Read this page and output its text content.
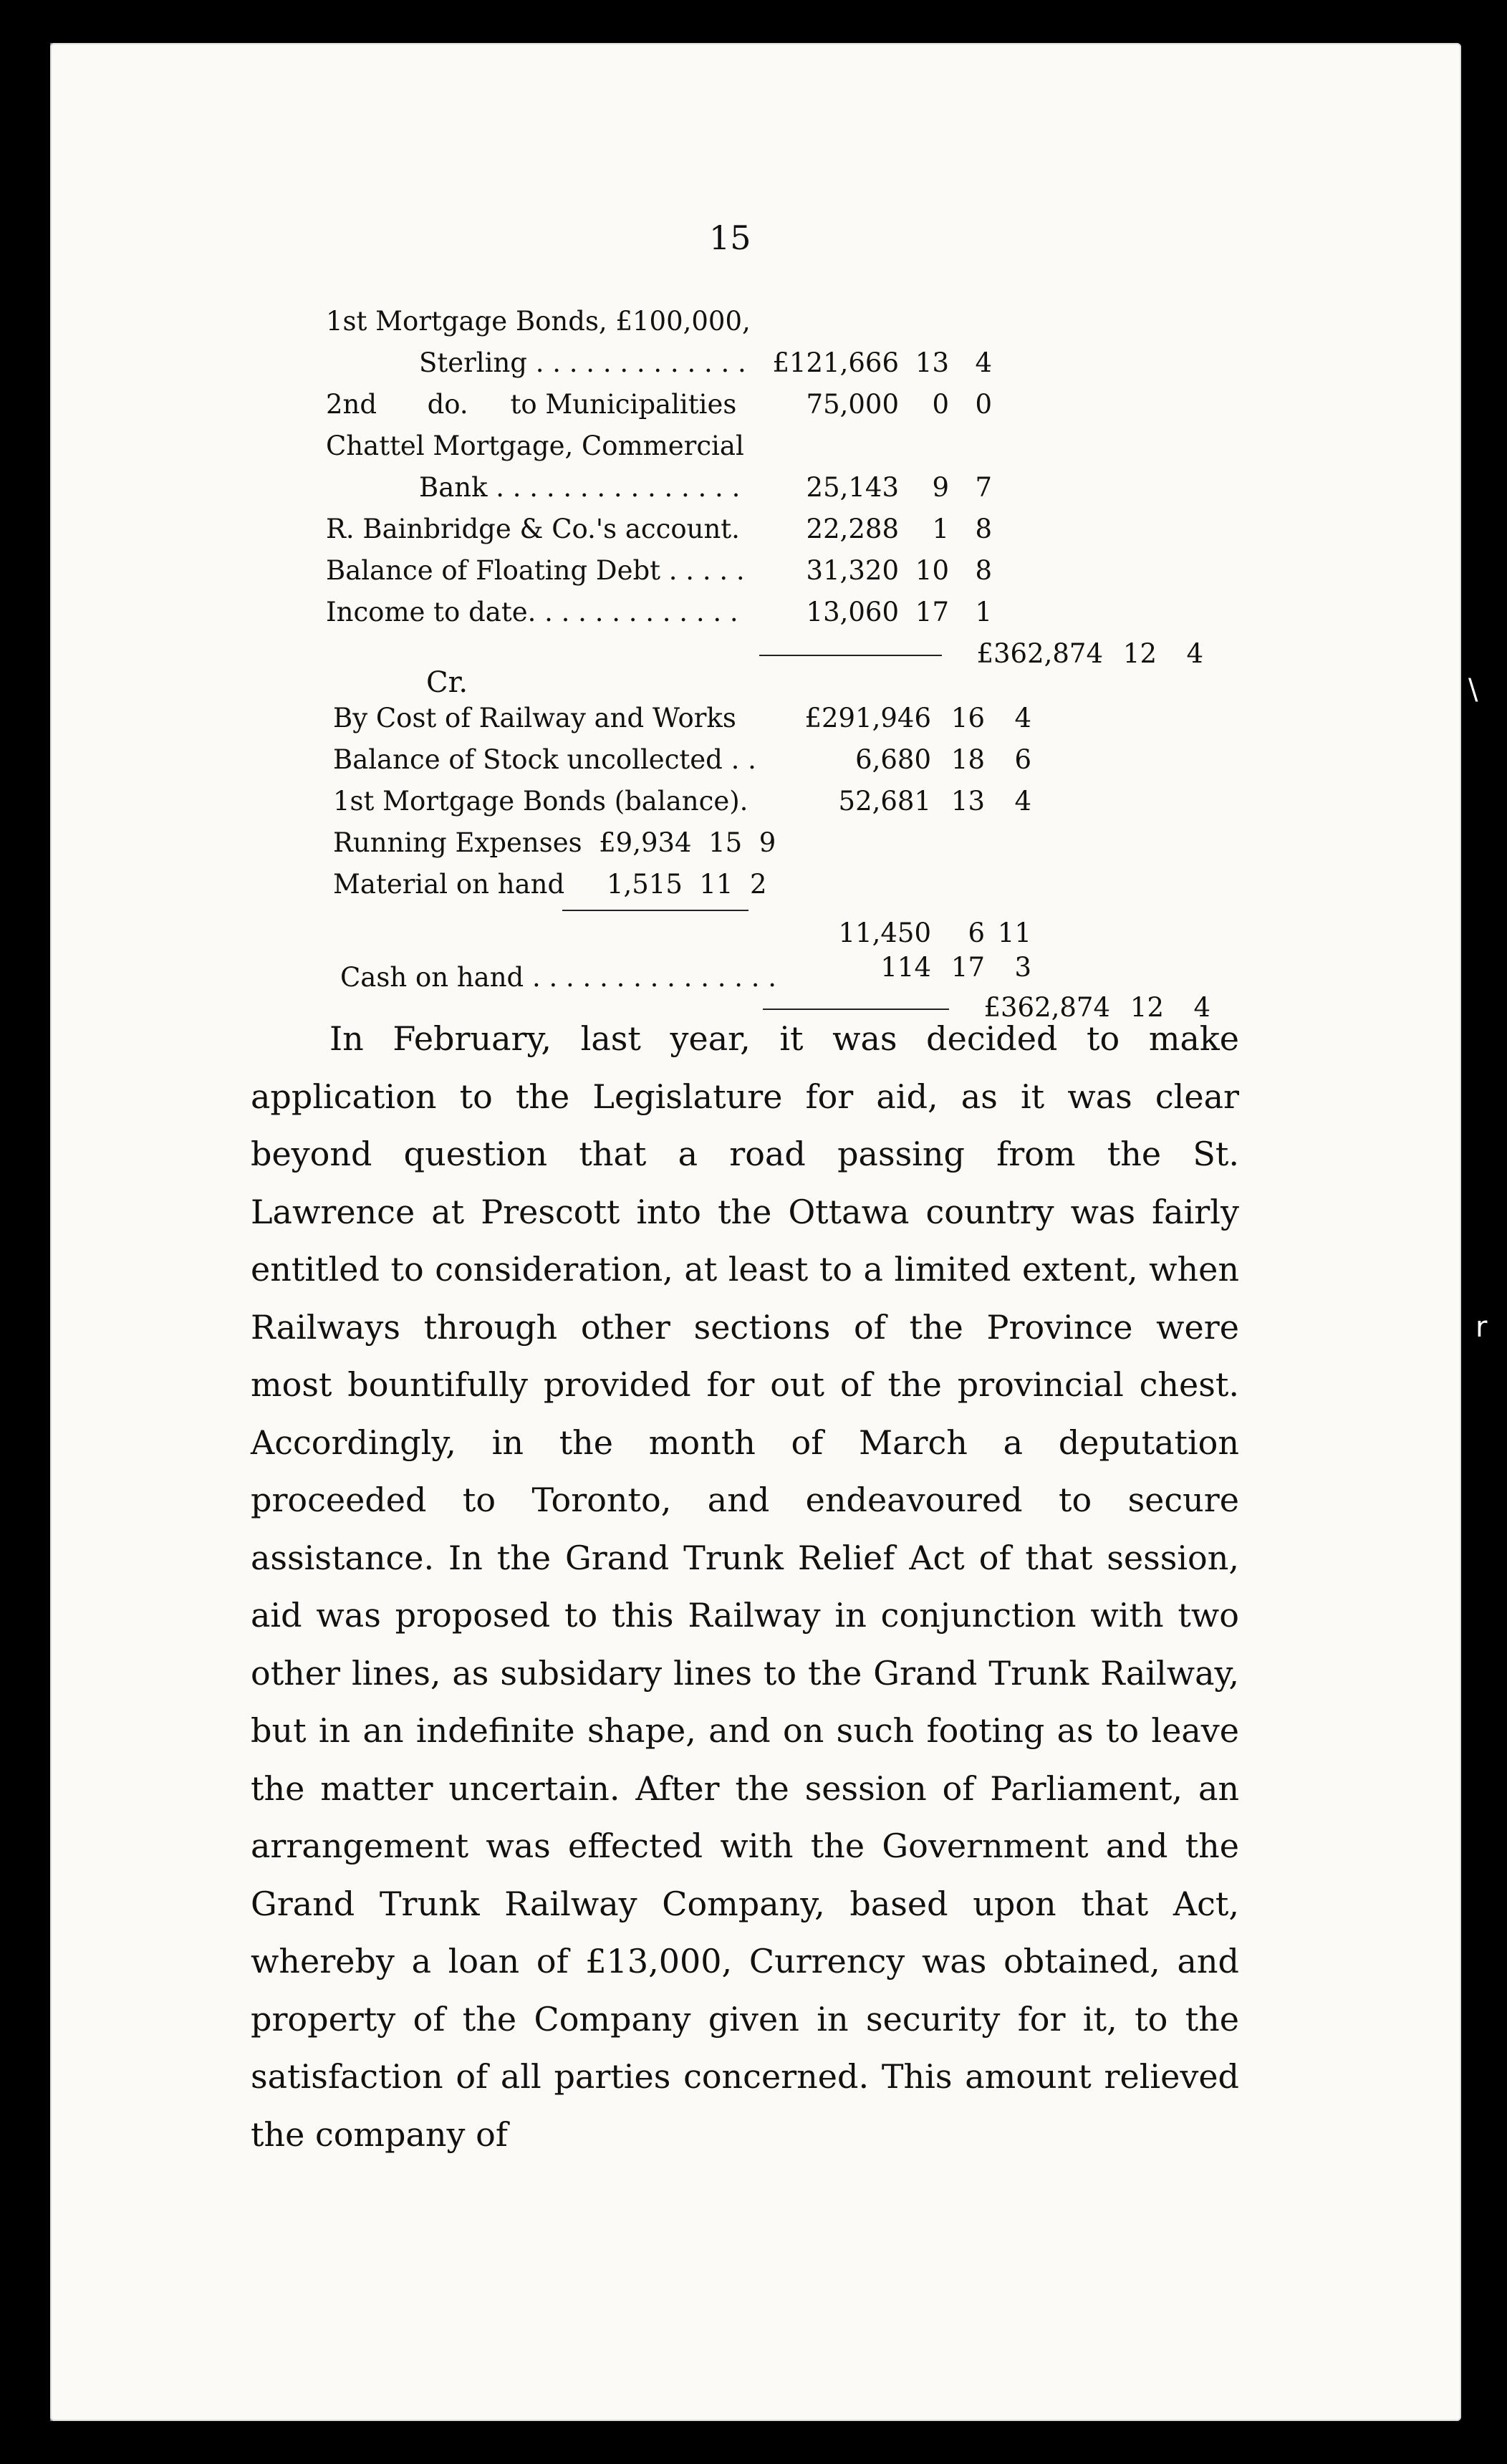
15
1st Mortgage Bonds, £100,000,
Sterling . . . . . . . . . . . . . £121,666 13 4
2nd      do.     to Municipalities	75,000	0 0
Chattel Mortgage, Commercial
Bank . . . . . . . . . . . . . . .	25,143	9 7
R. Bainbridge & Co.'s account.	22,288	1 8
Balance of Floating Debt . . . . .	31,320 10 8
Income to date. . . . . . . . . . . . .	13,060 17 1
£362,874 12	4
Cr.
By Cost of Railway and Works	£291,946 16	4
Balance of Stock uncollected . .	6,680 18	6
1st Mortgage Bonds (balance).	52,681 13	4
Running Expenses  £9,934  15  9
Material on hand     1,515  11  2
11,450	6 11
Cash on hand . . . . . . . . . . . . . . .	114 17	3
£362,874 12	4

In February, last year, it was decided to make application to the Legislature for aid, as it was clear beyond question that a road passing from the St. Lawrence at Prescott into the Ottawa country was fairly entitled to consideration, at least to a limited extent, when Railways through other sections of the Province were most bountifully provided for out of the provincial chest. Accordingly, in the month of March a deputation proceeded to Toronto, and endeavoured to secure assistance. In the Grand Trunk Relief Act of that session, aid was proposed to this Railway in conjunction with two other lines, as subsidary lines to the Grand Trunk Railway, but in an indefinite shape, and on such footing as to leave the matter uncertain. After the session of Parliament, an arrangement was effected with the Government and the Grand Trunk Railway Company, based upon that Act, whereby a loan of £13,000, Currency was obtained, and property of the Company given in security for it, to the satisfaction of all parties concerned. This amount relieved the company of

\
r
